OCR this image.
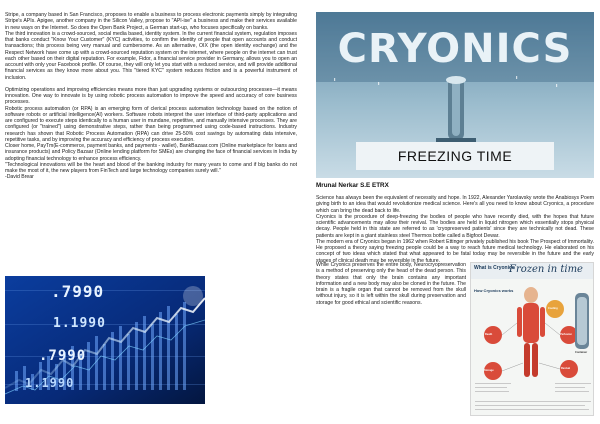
Stripe, a company based in San Francisco, proposes to enable a business to process electronic payments simply by integrating Stripe's APIs. Apigee, another company in the Silicon Valley, propose to "API-ise" a business and make their services available in new ways on the Internet. So does the Open Bank Project, a German start-up, who focuses specifically on banks.

The third innovation is a crowd-sourced, social media based, identity system. In the current financial system, regulation imposes that banks conduct "Know Your Customer" (KYC) activities, to confirm the identity of people that open accounts and conduct transactions; this process being very manual and cumbersome. As an alternative, OIX (the open identity exchange) and the Respect Network have come up with a crowd-sourced reputation system on the internet, where people on the internet can trust each other based on their digital reputation. For example, Fidor, a financial service provider in Germany, allows you to open an account with only your Facebook profile. Of course, they will only let you start with a reduced service, and will provide additional financial services as they know more about you. This "tiered KYC" system reduces friction and is a powerful instrument of inclusion.

Optimizing operations and improving efficiencies means more than just upgrading systems or outsourcing processes—it means innovation. One way to innovate is by using robotic process automation to improve the speed and accuracy of core business processes.

Robotic process automation (or RPA) is an emerging form of clerical process automation technology based on the notion of software robots or artificial intelligence(AI) workers. Software robots interpret the user interface of third-party applications and are configured to execute steps identically to a human user in mundane, repetitive, and manually intensive processes. They are configured (or "trained") using demonstrative steps, rather than being programmed using code-based instructions. Industry research has shown that Robotic Process Automation (RPA) can drive 25-50% cost savings by automating data intensive, repetitive tasks, and by improving the accuracy and efficiency of process execution.

Closer home, PayTm(E-commerce, payment banks, and payments - wallet), BankBazaar.com (Online marketplace for loans and insurance products) and Policy Bazaar (Online lending platform for SMEs) are changing the face of financial services in India by adopting financial technology to enhance process efficiency.

"Technological innovations will be the heart and blood of the banking industry for many years to come and if big banks do not make the most of it, the new players from FinTech and large technology companies surely will."

-David Brear

.7990
1.1990
.7990
1.1990
CRYONICS
FREEZING TIME
Mrunal Nerkar S.E ETRX

Science has always been the equivalent of necessity and hope. In 1922, Alexander Yarolavsky wrote the Anabiosys Poem giving birth to an idea that would revolutionize medical science. Here's all you need to know about Cryonics, a procedure which can bring the dead back to life.

Cryonics is the procedure of deep-freezing the bodies of people who have recently died, with the hopes that future scientific advancements may allow their revival. The bodies are held in liquid nitrogen which essentially stops physical decay. People held in this state are referred to as 'cryopreserved patients' since they are technically not dead. These patients are kept in a giant stainless steel Thermos bottle called a Bigfoot Dewar.

The modern era of Cryonics began in 1962 when Robert Ettinger privately published his book The Prospect of Immortality. He proposed a theory saying freezing people could be a way to reach future medical technology. He elaborated on his concept of two ideas which stated that what appeared to be fatal today may be reversible in the future and the early stages of clinical death may be reversible in the future.

While Cryonics preserves the entire body, Neurocryopreservation is a method of preserving only the head of the dead person. This theory states that only the brain contains any important information and a new body may also be cloned in the future. The brain is a fragile organ that cannot be removed from the skull without injury, so it is left within the skull during preservation and storage for good ethical and scientific reasons.

What is Cryonics
Frozen in time
How Cryonics works
Death
Cooling
Perfusion
Storage
Container
Revival
